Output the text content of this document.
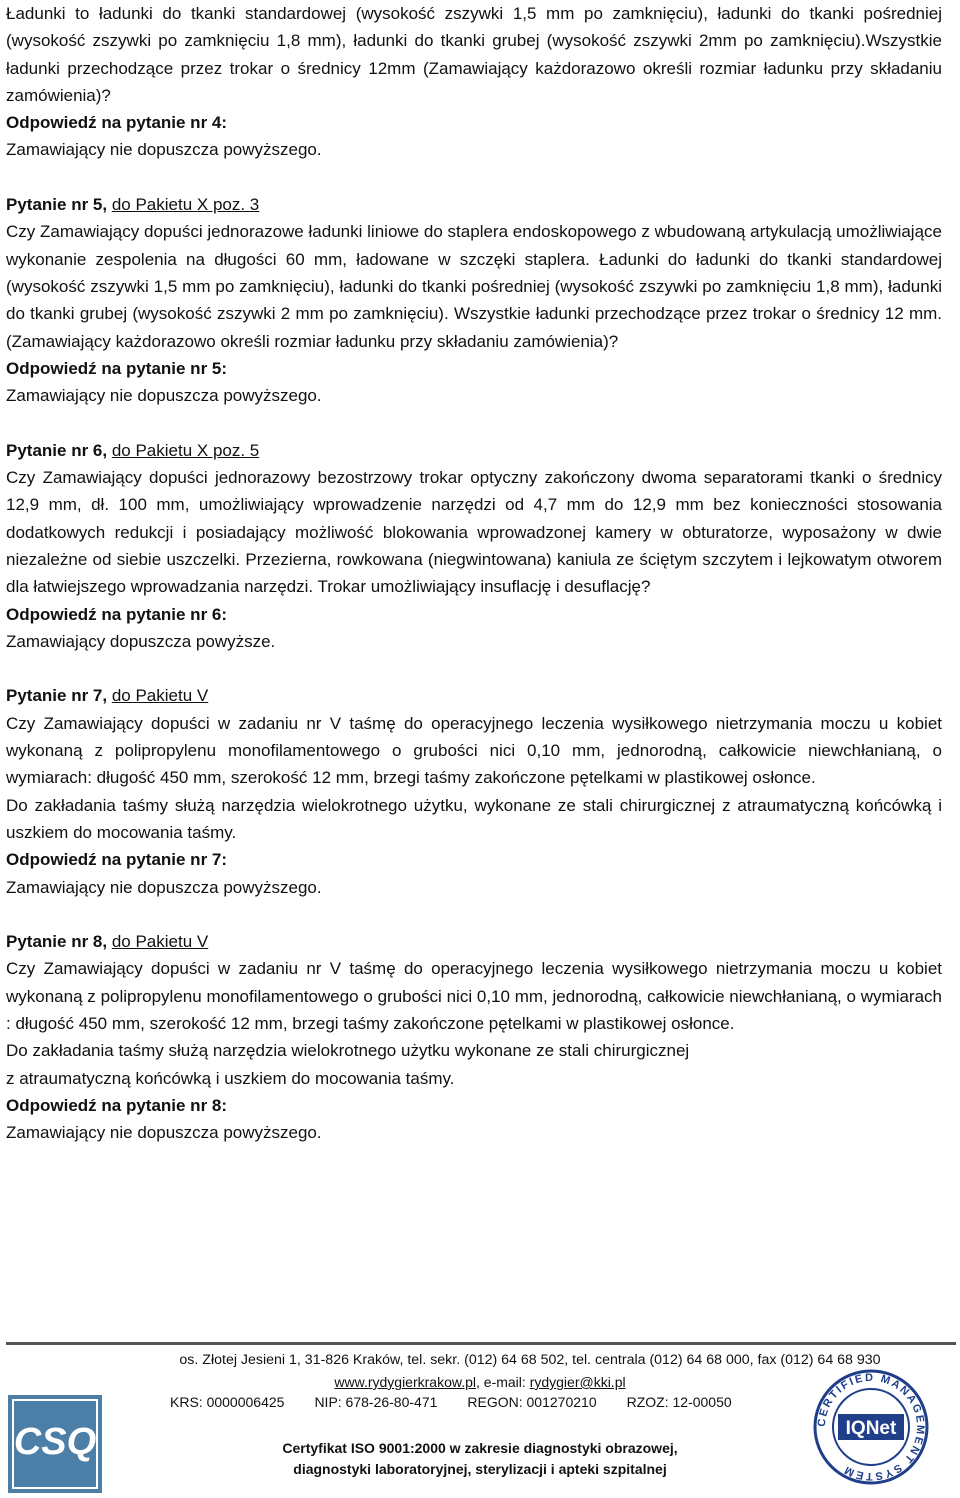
Ładunki to ładunki do tkanki standardowej (wysokość zszywki 1,5 mm po zamknięciu), ładunki do tkanki pośredniej (wysokość zszywki po zamknięciu 1,8 mm), ładunki do tkanki grubej (wysokość zszywki 2mm po zamknięciu).Wszystkie ładunki przechodzące przez trokar o średnicy 12mm (Zamawiający każdorazowo określi rozmiar ładunku przy składaniu zamówienia)?

Odpowiedź na pytanie nr 4:

Zamawiający nie dopuszcza powyższego.

Pytanie nr 5, do Pakietu X poz. 3

Czy Zamawiający dopuści jednorazowe ładunki liniowe do staplera endoskopowego z wbudowaną artykulacją umożliwiające wykonanie zespolenia na długości 60 mm, ładowane w szczęki staplera. Ładunki do ładunki do tkanki standardowej (wysokość zszywki 1,5 mm po zamknięciu), ładunki do tkanki pośredniej (wysokość zszywki po zamknięciu 1,8 mm), ładunki do tkanki grubej (wysokość zszywki 2 mm po zamknięciu). Wszystkie ładunki przechodzące przez trokar o średnicy 12 mm. (Zamawiający każdorazowo określi rozmiar ładunku przy składaniu zamówienia)?

Odpowiedź na pytanie nr 5:

Zamawiający nie dopuszcza powyższego.

Pytanie nr 6, do Pakietu X poz. 5

Czy Zamawiający dopuści jednorazowy bezostrzowy trokar optyczny zakończony dwoma separatorami tkanki o średnicy 12,9 mm, dł. 100 mm, umożliwiający wprowadzenie narzędzi od 4,7 mm do 12,9 mm bez konieczności stosowania dodatkowych redukcji i posiadający możliwość blokowania wprowadzonej kamery w obturatorze, wyposażony w dwie niezależne od siebie uszczelki. Przezierna, rowkowana (niegwintowana) kaniula ze ściętym szczytem i lejkowatym otworem dla łatwiejszego wprowadzania narzędzi. Trokar umożliwiający insuflację i desuflację?

Odpowiedź na pytanie nr 6:

Zamawiający dopuszcza powyższe.

Pytanie nr 7, do Pakietu V

Czy Zamawiający dopuści w zadaniu nr V taśmę do operacyjnego leczenia wysiłkowego nietrzymania moczu u kobiet wykonaną z polipropylenu monofilamentowego o grubości nici 0,10 mm, jednorodną, całkowicie niewchłanianą, o wymiarach: długość 450 mm, szerokość 12 mm, brzegi taśmy zakończone pętelkami w plastikowej osłonce.

Do zakładania taśmy służą narzędzia wielokrotnego użytku, wykonane ze stali chirurgicznej z atraumatyczną końcówką i uszkiem do mocowania taśmy.

Odpowiedź na pytanie nr 7:

Zamawiający nie dopuszcza powyższego.

Pytanie nr 8, do Pakietu V

Czy Zamawiający dopuści w zadaniu nr V taśmę do operacyjnego leczenia wysiłkowego nietrzymania moczu u kobiet wykonaną z polipropylenu monofilamentowego o grubości nici 0,10 mm, jednorodną, całkowicie niewchłanianą, o wymiarach : długość 450 mm, szerokość 12 mm, brzegi taśmy zakończone pętelkami w plastikowej osłonce.

Do zakładania taśmy służą narzędzia wielokrotnego użytku wykonane ze stali chirurgicznej

z atraumatyczną końcówką i uszkiem do mocowania taśmy.

Odpowiedź na pytanie nr 8:

Zamawiający nie dopuszcza powyższego.

os. Złotej Jesieni 1, 31-826 Kraków, tel. sekr. (012) 64 68 502, tel. centrala (012) 64 68 000, fax (012) 64 68 930
www.rydygierkrakow.pl, e-mail: rydygier@kki.pl
KRS: 0000006425 NIP: 678-26-80-471 REGON: 001270210 RZOZ: 12-00050
Certyfikat ISO 9001:2000 w zakresie diagnostyki obrazowej,
diagnostyki laboratoryjnej, sterylizacji i apteki szpitalnej
CSQ	CERTIFIED MANAGEMENT SYSTEM
IQNet
